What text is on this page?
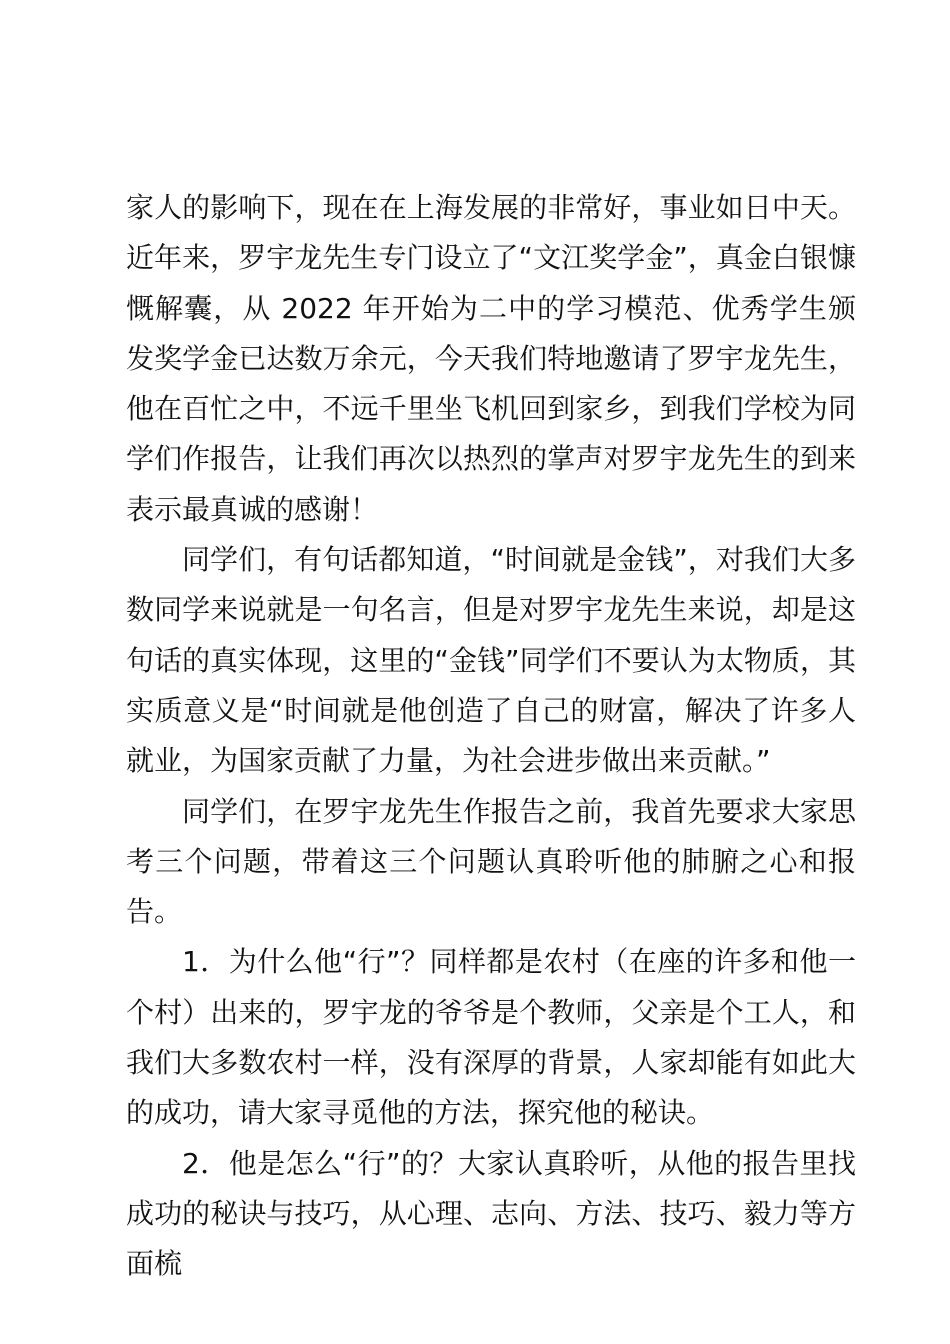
家人的影响下，现在在上海发展的非常好，事业如日中天。近年来，罗宇龙先生专门设立了“文江奖学金”，真金白银慷慨解囊，从 2022 年开始为二中的学习模范、优秀学生颁发奖学金已达数万余元，今天我们特地邀请了罗宇龙先生，他在百忙之中，不远千里坐飞机回到家乡，到我们学校为同学们作报告，让我们再次以热烈的掌声对罗宇龙先生的到来表示最真诚的感谢！

同学们，有句话都知道，“时间就是金钱”，对我们大多数同学来说就是一句名言，但是对罗宇龙先生来说，却是这句话的真实体现，这里的“金钱”同学们不要认为太物质，其实质意义是“时间就是他创造了自己的财富，解决了许多人就业，为国家贡献了力量，为社会进步做出来贡献。”

同学们，在罗宇龙先生作报告之前，我首先要求大家思考三个问题，带着这三个问题认真聆听他的肺腑之心和报告。

1．为什么他“行”？同样都是农村（在座的许多和他一个村）出来的，罗宇龙的爷爷是个教师，父亲是个工人，和我们大多数农村一样，没有深厚的背景，人家却能有如此大的成功，请大家寻觅他的方法，探究他的秘诀。

2．他是怎么“行”的？大家认真聆听，从他的报告里找成功的秘诀与技巧，从心理、志向、方法、技巧、毅力等方面梳
